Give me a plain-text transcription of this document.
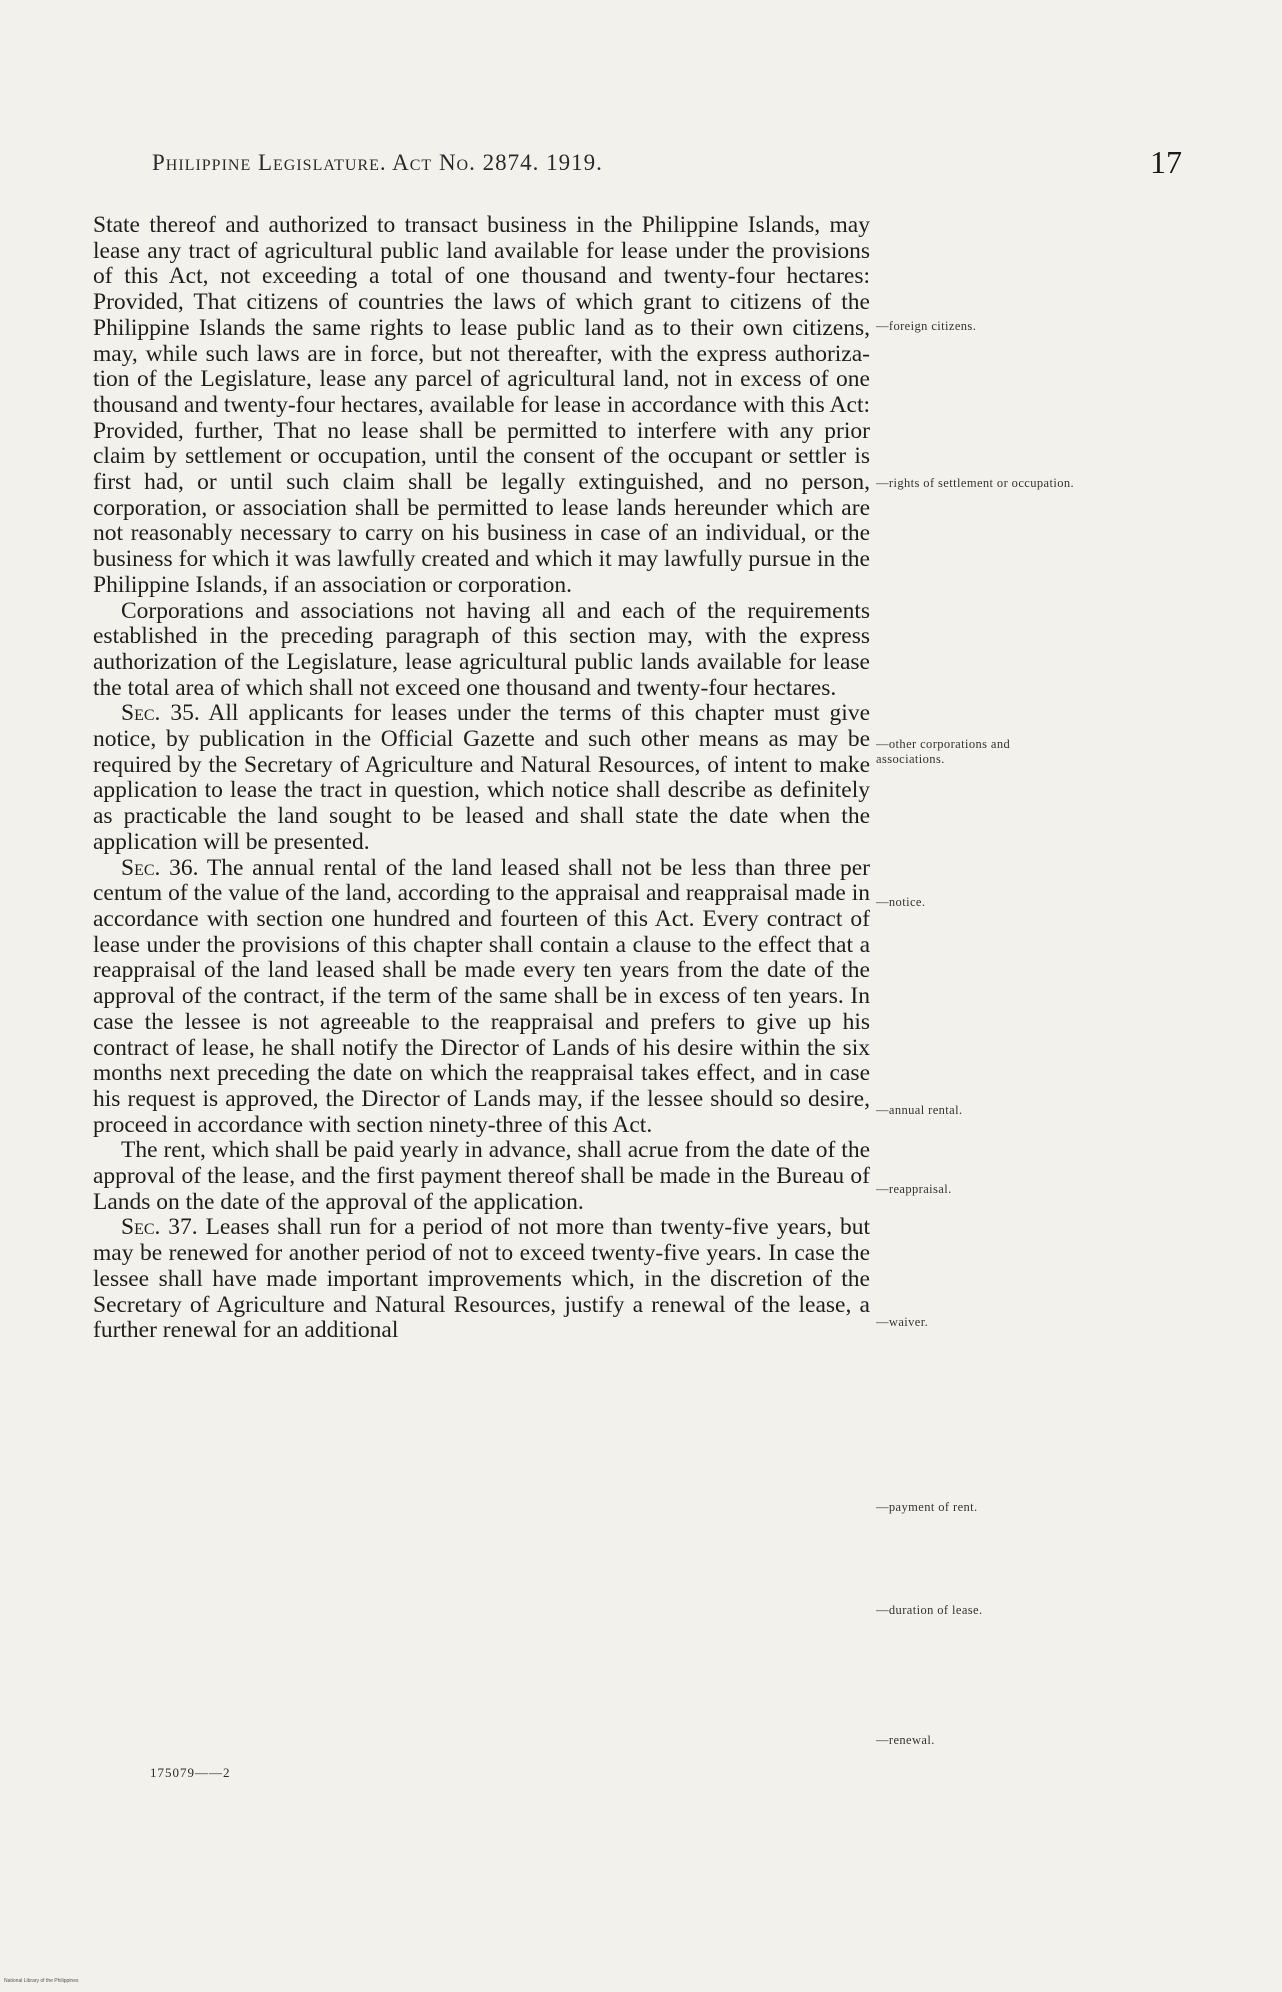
Philippine Legislature. Act No. 2874. 1919.	17

State thereof and authorized to transact business in the Philippine Islands, may lease any tract of agricultural public land available for lease under the provisions of this Act, not exceeding a total of one thousand and twenty-four hectares: Provided, That citizens of countries the laws of which grant to citizens of the Philippine Islands the same rights to lease public land as to their own citizens, may, while such laws are in force, but not thereafter, with the express authorization of the Legislature, lease any parcel of agricultural land, not in excess of one thousand and twenty-four hectares, available for lease in accordance with this Act: Provided, further, That no lease shall be permitted to interfere with any prior claim by settlement or occupation, until the consent of the occupant or settler is first had, or until such claim shall be legally extinguished, and no person, corporation, or association shall be permitted to lease lands hereunder which are not reasonably necessary to carry on his business in case of an individual, or the business for which it was lawfully created and which it may lawfully pursue in the Philippine Islands, if an association or corporation.

Corporations and associations not having all and each of the requirements established in the preceding paragraph of this section may, with the express authorization of the Legislature, lease agricultural public lands available for lease the total area of which shall not exceed one thousand and twenty-four hectares.

Sec. 35. All applicants for leases under the terms of this chapter must give notice, by publication in the Official Gazette and such other means as may be required by the Secretary of Agriculture and Natural Resources, of intent to make application to lease the tract in question, which notice shall describe as definitely as practicable the land sought to be leased and shall state the date when the application will be presented.

Sec. 36. The annual rental of the land leased shall not be less than three per centum of the value of the land, according to the appraisal and reappraisal made in accordance with section one hundred and fourteen of this Act. Every contract of lease under the provisions of this chapter shall contain a clause to the effect that a reappraisal of the land leased shall be made every ten years from the date of the approval of the contract, if the term of the same shall be in excess of ten years. In case the lessee is not agreeable to the reappraisal and prefers to give up his contract of lease, he shall notify the Director of Lands of his desire within the six months next preceding the date on which the reappraisal takes effect, and in case his request is approved, the Director of Lands may, if the lessee should so desire, proceed in accordance with section ninety-three of this Act.

The rent, which shall be paid yearly in advance, shall acrue from the date of the approval of the lease, and the first payment thereof shall be made in the Bureau of Lands on the date of the approval of the application.

Sec. 37. Leases shall run for a period of not more than twenty-five years, but may be renewed for another period of not to exceed twenty-five years. In case the lessee shall have made important improvements which, in the discretion of the Secretary of Agriculture and Natural Resources, justify a renewal of the lease, a further renewal for an additional

—foreign citizens.
—rights of settlement or occupation.
—other corporations and associations.
—notice.
—annual rental.
—reappraisal.
—waiver.
—payment of rent.
—duration of lease.
—renewal.
175079——2
National Library of the Philippines
